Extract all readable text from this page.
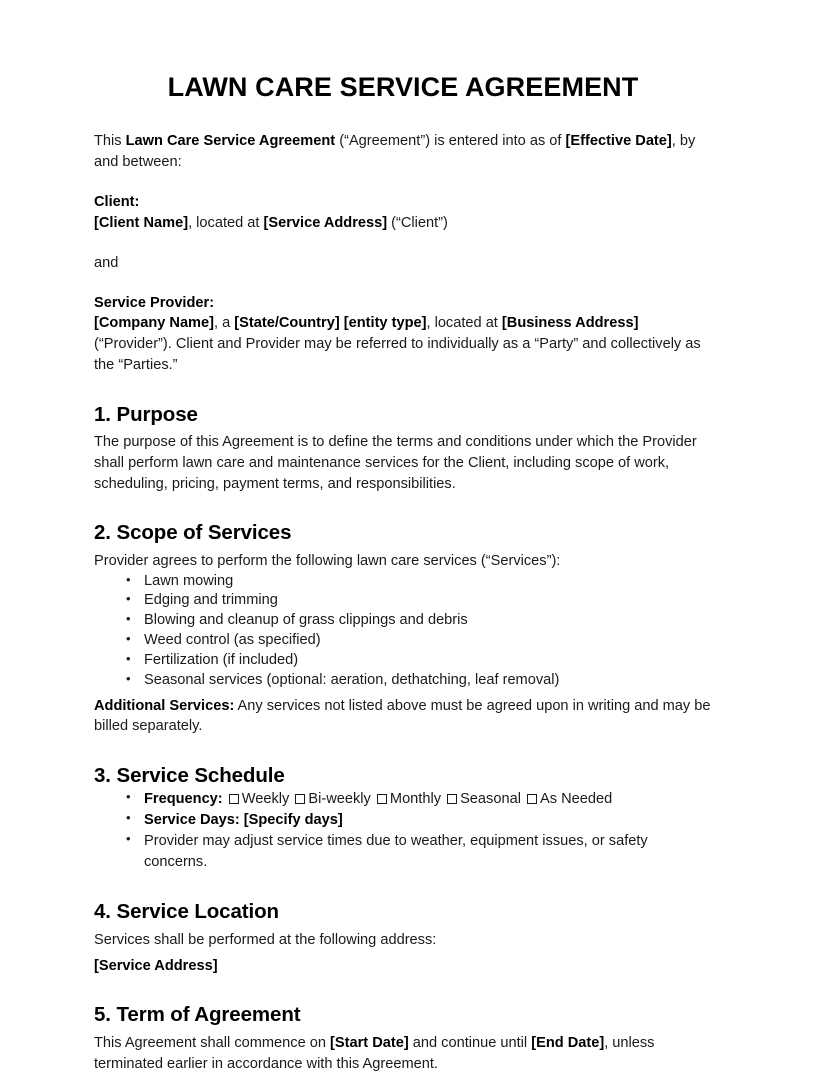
LAWN CARE SERVICE AGREEMENT

This Lawn Care Service Agreement (“Agreement”) is entered into as of [Effective Date], by and between:

Client:

[Client Name], located at [Service Address] (“Client”)

and

Service Provider:

[Company Name], a [State/Country] [entity type], located at [Business Address] (“Provider”). Client and Provider may be referred to individually as a “Party” and collectively as the “Parties.”

1. Purpose

The purpose of this Agreement is to define the terms and conditions under which the Provider shall perform lawn care and maintenance services for the Client, including scope of work, scheduling, pricing, payment terms, and responsibilities.

2. Scope of Services

Provider agrees to perform the following lawn care services (“Services”):

• Lawn mowing
• Edging and trimming
• Blowing and cleanup of grass clippings and debris
• Weed control (as specified)
• Fertilization (if included)
• Seasonal services (optional: aeration, dethatching, leaf removal)

Additional Services: Any services not listed above must be agreed upon in writing and may be billed separately.

3. Service Schedule
• Frequency: Weekly Bi-weekly Monthly Seasonal As Needed
• Service Days: [Specify days]
• Provider may adjust service times due to weather, equipment issues, or safety concerns.
4. Service Location

Services shall be performed at the following address:

[Service Address]

5. Term of Agreement

This Agreement shall commence on [Start Date] and continue until [End Date], unless terminated earlier in accordance with this Agreement.
